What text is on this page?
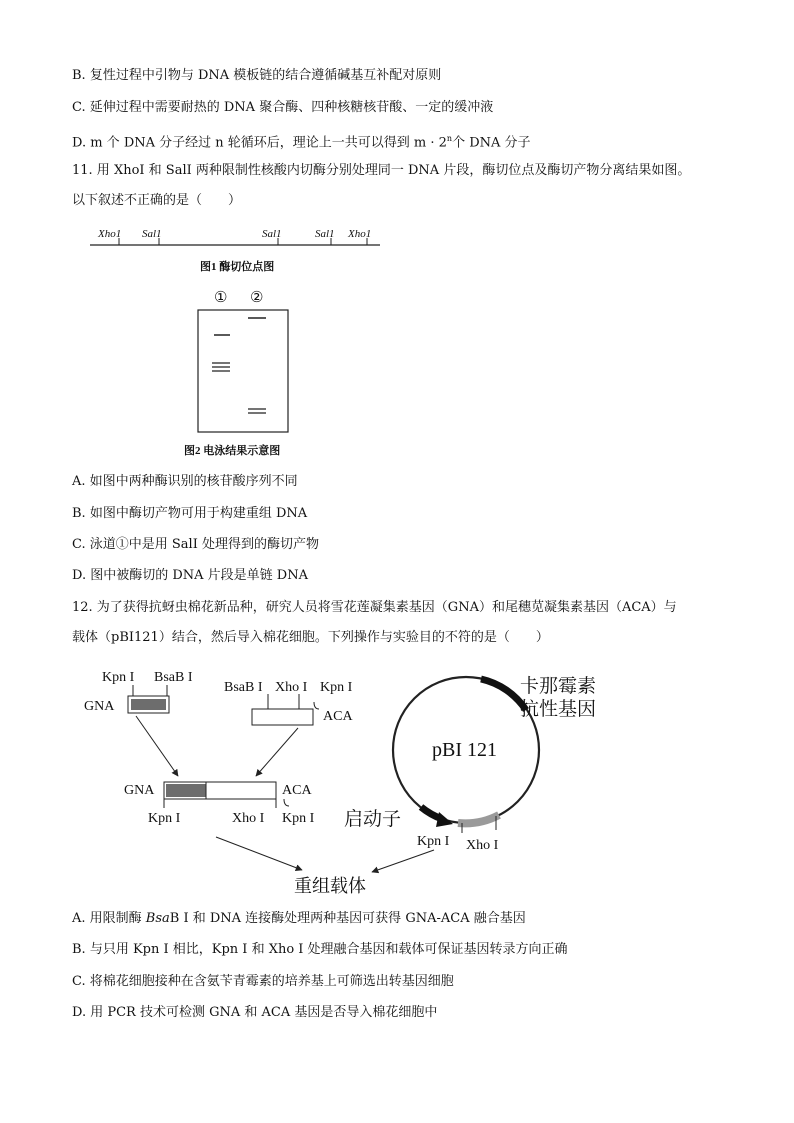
B. 复性过程中引物与 DNA 模板链的结合遵循碱基互补配对原则
C. 延伸过程中需要耐热的 DNA 聚合酶、四种核糖核苷酸、一定的缓冲液
D. m 个 DNA 分子经过 n 轮循环后，理论上一共可以得到 $m \cdot 2^n$个 DNA 分子
11. 用 XhoI 和 SalI 两种限制性核酸内切酶分别处理同一 DNA 片段，酶切位点及酶切产物分离结果如图。
以下叙述不正确的是（　　）
Xho1 Sal1	Sal1	Sal1 Xho1
图1 酶切位点图
① ②
图2 电泳结果示意图
A. 如图中两种酶识别的核苷酸序列不同
B. 如图中酶切产物可用于构建重组 DNA
C. 泳道①中是用 SalI 处理得到的酶切产物
D. 图中被酶切的 DNA 片段是单链 DNA
12. 为了获得抗蚜虫棉花新品种，研究人员将雪花莲凝集素基因（GNA）和尾穗苋凝集素基因（ACA）与
载体（pBI121）结合，然后导入棉花细胞。下列操作与实验目的不符的是（　　）
Kpn I BsaB I
GNA
BsaB I Xho I Kpn I
ACA
GNA	ACA
Kpn I	Xho I Kpn I
pBI 121
卡那霉素
抗性基因
启动子
Kpn I Xho I
重组载体
A. 用限制酶 BsaB I 和 DNA 连接酶处理两种基因可获得 GNA-ACA 融合基因
B. 与只用 Kpn I 相比，Kpn I 和 Xho I 处理融合基因和载体可保证基因转录方向正确
C. 将棉花细胞接种在含氨苄青霉素的培养基上可筛选出转基因细胞
D. 用 PCR 技术可检测 GNA 和 ACA 基因是否导入棉花细胞中
